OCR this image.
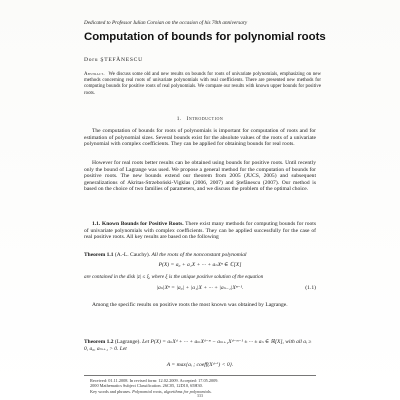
Dedicated to Professor Iulian Coroian on the occasion of his 70th anniversary
Computation of bounds for polynomial roots
Doru ŞTEFĂNESCU
Abstract. We discuss some old and new results on bounds for roots of univariate polynomials, emphasizing on new methods concerning real roots of univariate polynomials with real coefficients. There are presented new methods for computing bounds for positive roots of real polynomials. We compare our results with known upper bounds for positive roots.
1. Introduction

The computation of bounds for roots of polynomials is important for computation of roots and for estimation of polynomial sizes. Several bounds exist for the absolute values of the roots of a univariate polynomial with complex coefficients. They can be applied for obtaining bounds for real roots.

However for real roots better results can be obtained using bounds for positive roots. Until recently only the bound of Lagrange was used. We propose a general method for the computation of bounds for positive roots. The new bounds extend our theorem from 2005 (JUCS, 2005) and subsequent generalizations of Akritas-Strzeboński-Vigklas (2006, 2007) and Ştefănescu (2007). Our method is based on the choice of two families of parameters, and we discuss the problem of the optimal choice.

1.1. Known Bounds for Positive Roots. There exist many methods for computing bounds for roots of univariate polynomials with complex coefficients. They can be applied successfully for the case of real positive roots. All key results are based on the following

Theorem 1.1 (A.-L. Cauchy). All the roots of the nonconstant polynomial
P(X) = a₀ + a₁X + ··· + aₙXⁿ ∈ ℂ[X]
are contained in the disk |z| ≤ ξ, where ξ is the unique positive solution of the equation
|aₙ|Xⁿ = |a₀| + |a₁|X + ··· + |aₙ₋₁|Xⁿ⁻¹.	(1.1)

Among the specific results on positive roots the most known was obtained by Lagrange.

Theorem 1.2 (Lagrange). Let P(X) = aₙXᵈ + ··· + aₘXᵈ⁻ᵐ − aₘ₊₁Xᵈ⁻ᵐ⁻¹ ± ··· ± aₙ ∈ ℝ[X], with all aᵢ ≥ 0, a₀, aₘ₊₁ > 0. Let
A = max{aᵢ ; coeff(Xᵈ⁻ⁱ) < 0}.
Received: 01.11.2008. In revised form: 12.02.2009. Accepted: 17.05.2009.
2000 Mathematics Subject Classification. 26C05, 12D10, 65H30.
Key words and phrases. Polynomial roots, algorithms for polynomials.
333
